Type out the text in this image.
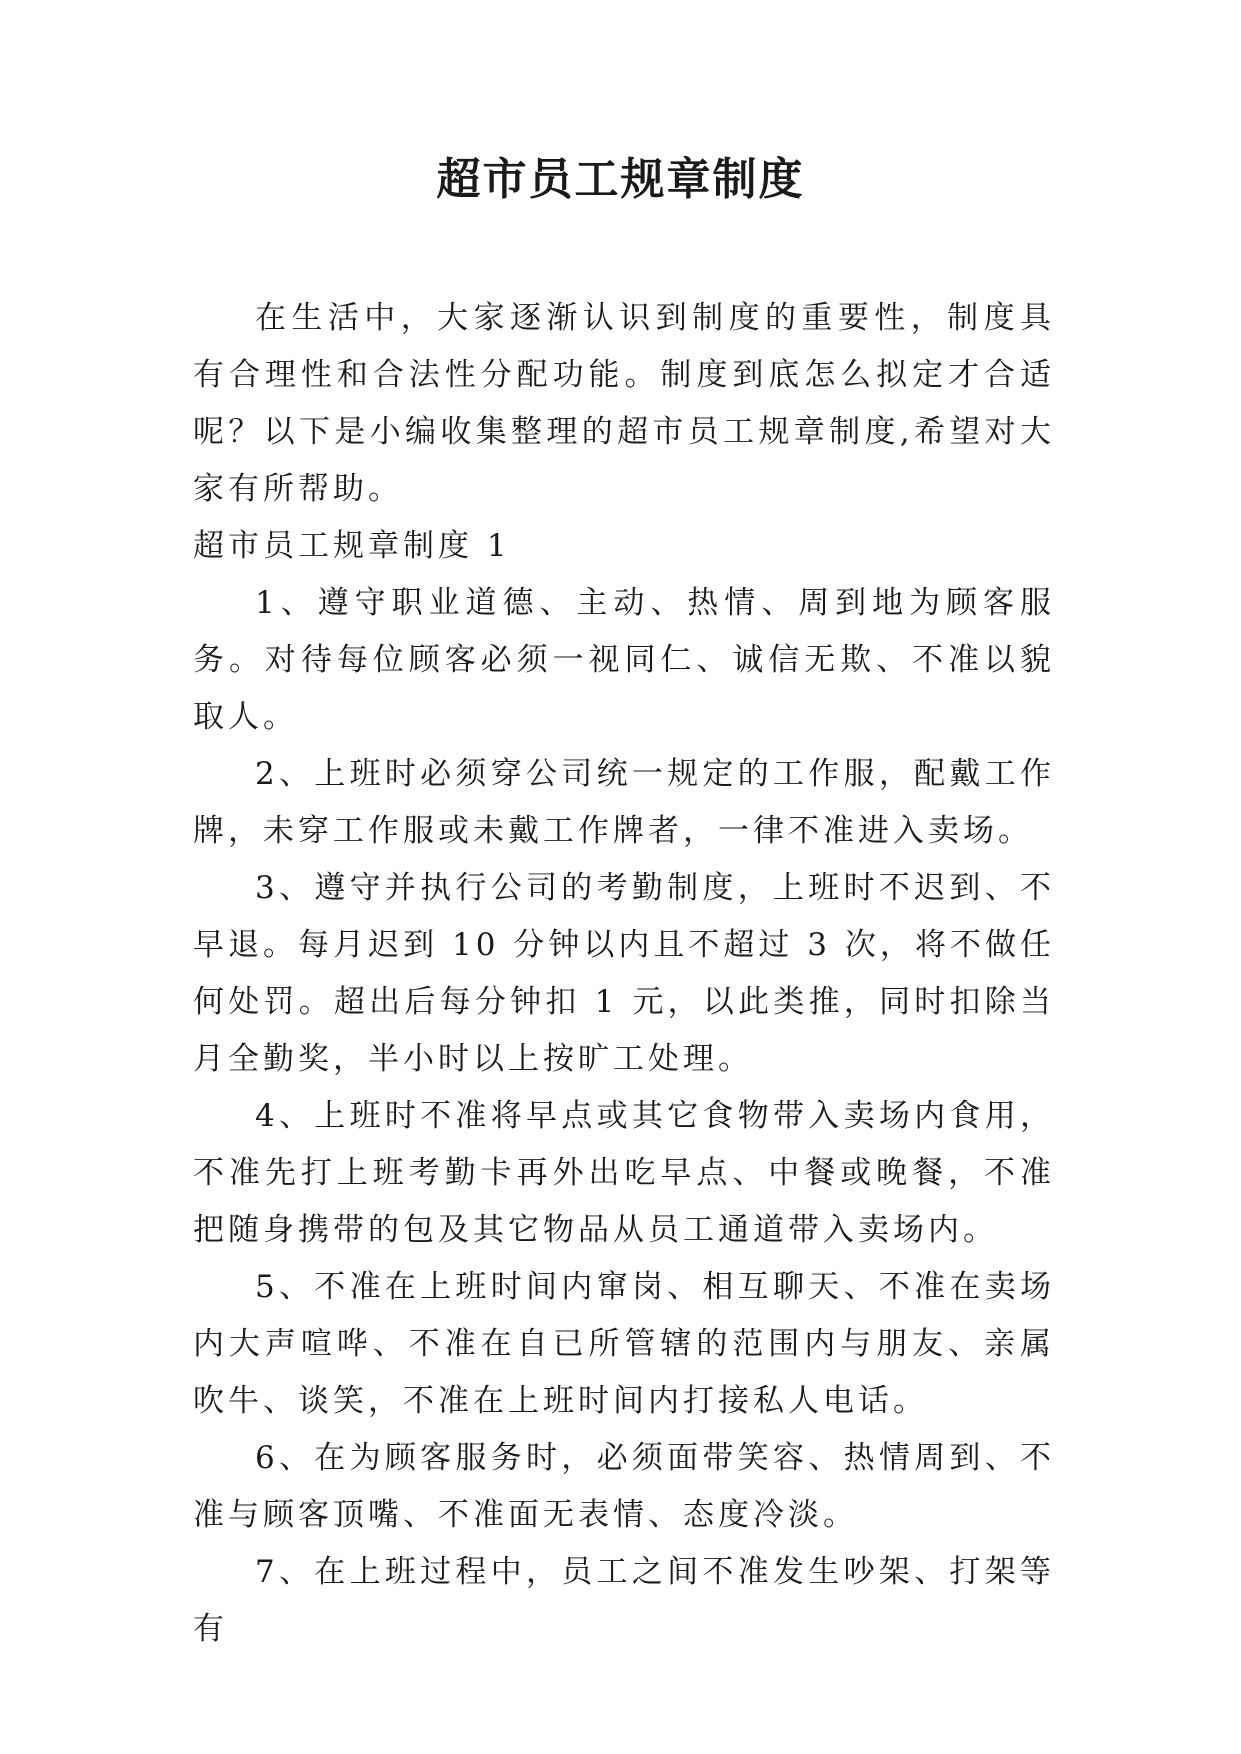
超市员工规章制度

在生活中，大家逐渐认识到制度的重要性，制度具有合理性和合法性分配功能。制度到底怎么拟定才合适呢？以下是小编收集整理的超市员工规章制度,希望对大家有所帮助。

超市员工规章制度 1

1、遵守职业道德、主动、热情、周到地为顾客服务。对待每位顾客必须一视同仁、诚信无欺、不准以貌取人。

2、上班时必须穿公司统一规定的工作服，配戴工作牌，未穿工作服或未戴工作牌者，一律不准进入卖场。

3、遵守并执行公司的考勤制度，上班时不迟到、不早退。每月迟到 10 分钟以内且不超过 3 次，将不做任何处罚。超出后每分钟扣 1 元，以此类推，同时扣除当月全勤奖，半小时以上按旷工处理。

4、上班时不准将早点或其它食物带入卖场内食用，不准先打上班考勤卡再外出吃早点、中餐或晚餐，不准把随身携带的包及其它物品从员工通道带入卖场内。

5、不准在上班时间内窜岗、相互聊天、不准在卖场内大声喧哗、不准在自已所管辖的范围内与朋友、亲属吹牛、谈笑，不准在上班时间内打接私人电话。

6、在为顾客服务时，必须面带笑容、热情周到、不准与顾客顶嘴、不准面无表情、态度冷淡。

7、在上班过程中，员工之间不准发生吵架、打架等有
